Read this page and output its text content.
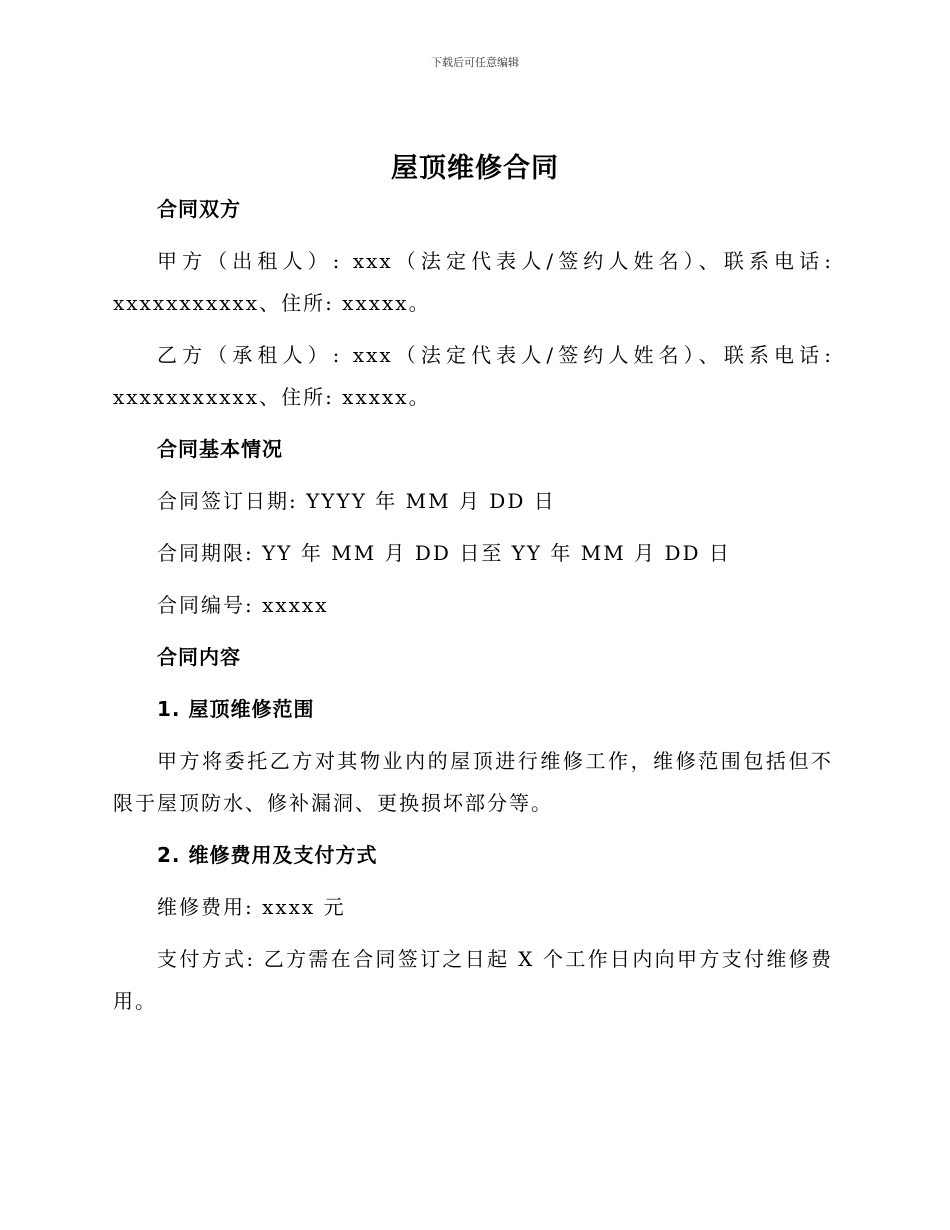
下载后可任意编辑
屋顶维修合同
合同双方
甲方（出租人）: xxx（法定代表人/签约人姓名）、联系电话: xxxxxxxxxxx、住所: xxxxx。
乙方（承租人）: xxx（法定代表人/签约人姓名）、联系电话: xxxxxxxxxxx、住所: xxxxx。
合同基本情况
合同签订日期: YYYY 年 MM 月 DD 日
合同期限: YY 年 MM 月 DD 日至 YY 年 MM 月 DD 日
合同编号: xxxxx
合同内容
1. 屋顶维修范围
甲方将委托乙方对其物业内的屋顶进行维修工作，维修范围包括但不限于屋顶防水、修补漏洞、更换损坏部分等。
2. 维修费用及支付方式
维修费用: xxxx 元
支付方式: 乙方需在合同签订之日起 X 个工作日内向甲方支付维修费用。
